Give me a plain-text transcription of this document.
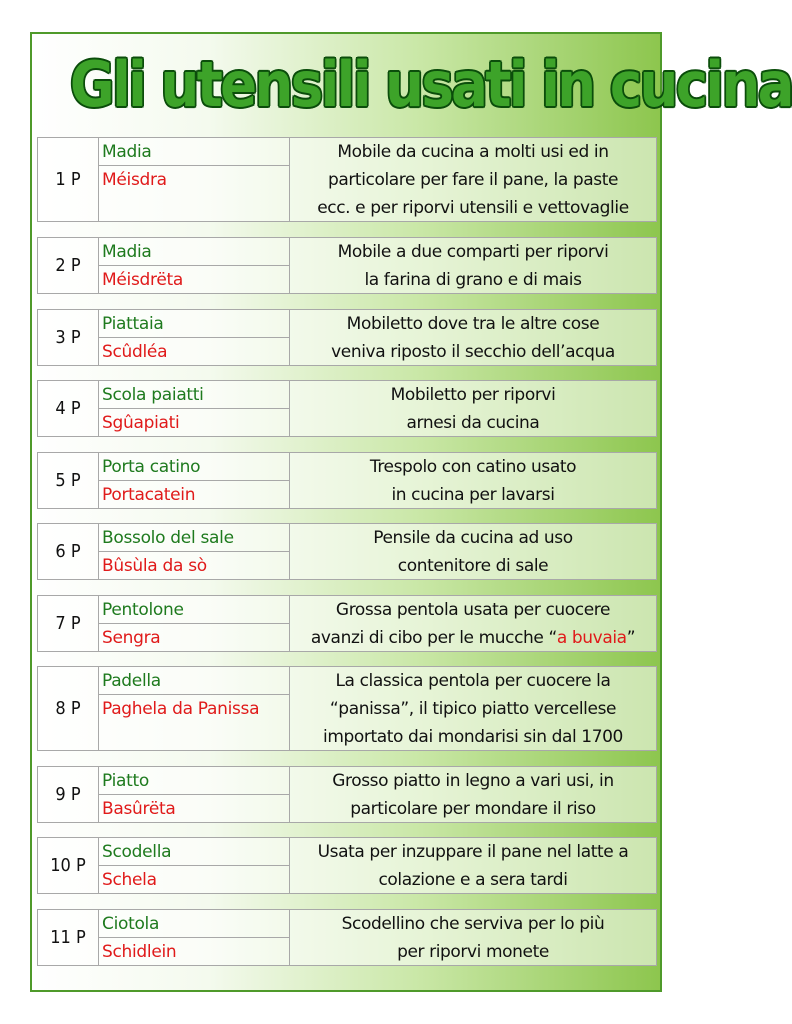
Gli utensili usati in cucina
1 P
Madia
Méisdra
Mobile da cucina a molti usi ed in
particolare per fare il pane, la paste
ecc. e per riporvi utensili e vettovaglie
2 P
Madia
Méisdrëta
Mobile a due comparti per riporvi
la farina di grano e di mais
3 P
Piattaia
Scûdléa
Mobiletto dove tra le altre cose
veniva riposto il secchio dell’acqua
4 P
Scola paiatti
Sgûapiati
Mobiletto per riporvi
arnesi da cucina
5 P
Porta catino
Portacatein
Trespolo con catino usato
in cucina per lavarsi
6 P
Bossolo del sale
Bûsùla da sò
Pensile da cucina ad uso
contenitore di sale
7 P
Pentolone
Sengra
Grossa pentola usata per cuocere
avanzi di cibo per le mucche “a buvaia”
8 P
Padella
Paghela da Panissa
La classica pentola per cuocere la
“panissa”, il tipico piatto vercellese
importato dai mondarisi sin dal 1700
9 P
Piatto
Basûrëta
Grosso piatto in legno a vari usi, in
particolare per mondare il riso
10 P
Scodella
Schela
Usata per inzuppare il pane nel latte a
colazione e a sera tardi
11 P
Ciotola
Schidlein
Scodellino che serviva per lo più
per riporvi monete
